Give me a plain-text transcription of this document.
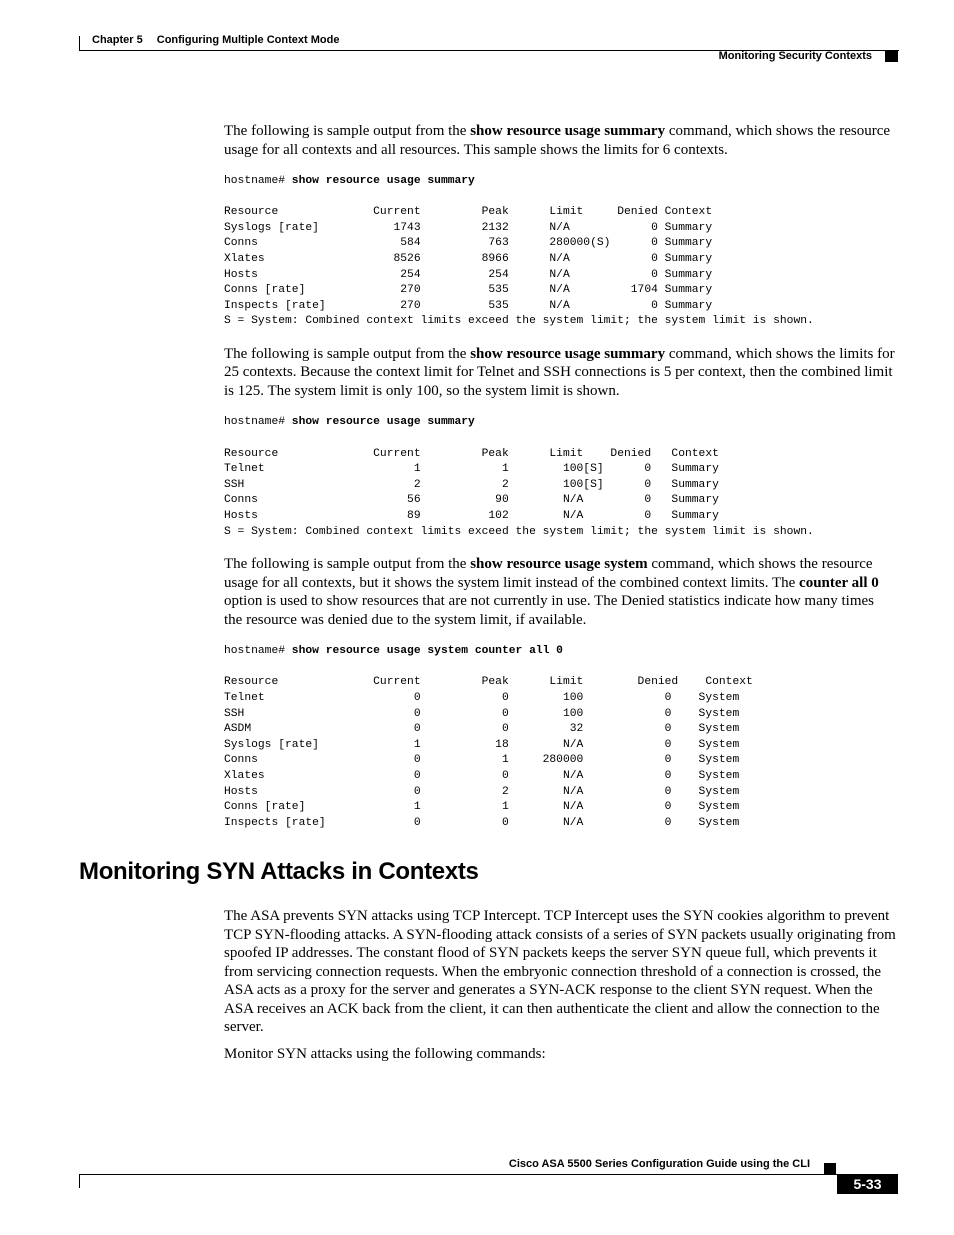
Chapter 5 Configuring Multiple Context Mode
Monitoring Security Contexts

The following is sample output from the show resource usage summary command, which shows the resource usage for all contexts and all resources. This sample shows the limits for 6 contexts.

hostname# show resource usage summary
Resource              Current         Peak      Limit     Denied Context
Syslogs [rate]           1743         2132      N/A            0 Summary
Conns                     584          763      280000(S)      0 Summary
Xlates                   8526         8966      N/A            0 Summary
Hosts                     254          254      N/A            0 Summary
Conns [rate]              270          535      N/A         1704 Summary
Inspects [rate]           270          535      N/A            0 Summary
S = System: Combined context limits exceed the system limit; the system limit is shown.

The following is sample output from the show resource usage summary command, which shows the limits for 25 contexts. Because the context limit for Telnet and SSH connections is 5 per context, then the combined limit is 125. The system limit is only 100, so the system limit is shown.

hostname# show resource usage summary
Resource              Current         Peak      Limit    Denied   Context
Telnet                      1            1        100[S]      0   Summary
SSH                         2            2        100[S]      0   Summary
Conns                      56           90        N/A         0   Summary
Hosts                      89          102        N/A         0   Summary
S = System: Combined context limits exceed the system limit; the system limit is shown.

The following is sample output from the show resource usage system command, which shows the resource usage for all contexts, but it shows the system limit instead of the combined context limits. The counter all 0 option is used to show resources that are not currently in use. The Denied statistics indicate how many times the resource was denied due to the system limit, if available.

hostname# show resource usage system counter all 0
Resource              Current         Peak      Limit        Denied    Context
Telnet                      0            0        100            0    System
SSH                         0            0        100            0    System
ASDM                        0            0         32            0    System
Syslogs [rate]              1           18        N/A            0    System
Conns                       0            1     280000            0    System
Xlates                      0            0        N/A            0    System
Hosts                       0            2        N/A            0    System
Conns [rate]                1            1        N/A            0    System
Inspects [rate]             0            0        N/A            0    System
Monitoring SYN Attacks in Contexts

The ASA prevents SYN attacks using TCP Intercept. TCP Intercept uses the SYN cookies algorithm to prevent TCP SYN-flooding attacks. A SYN-flooding attack consists of a series of SYN packets usually originating from spoofed IP addresses. The constant flood of SYN packets keeps the server SYN queue full, which prevents it from servicing connection requests. When the embryonic connection threshold of a connection is crossed, the ASA acts as a proxy for the server and generates a SYN-ACK response to the client SYN request. When the ASA receives an ACK back from the client, it can then authenticate the client and allow the connection to the server.

Monitor SYN attacks using the following commands:

Cisco ASA 5500 Series Configuration Guide using the CLI
5-33
